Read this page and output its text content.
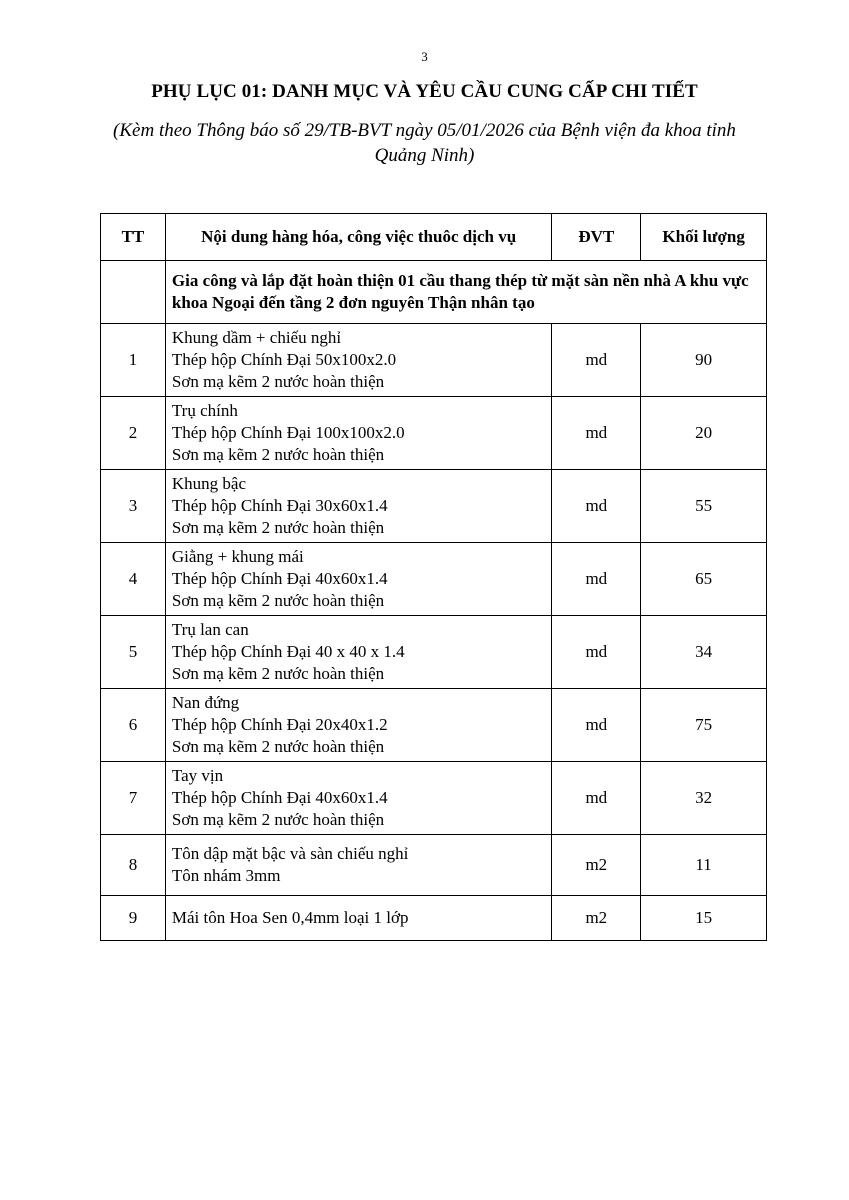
3
PHỤ LỤC 01: DANH MỤC VÀ YÊU CẦU CUNG CẤP CHI TIẾT
(Kèm theo Thông báo số 29/TB-BVT ngày 05/01/2026 của Bệnh viện đa khoa tỉnh Quảng Ninh)
TT	Nội dung hàng hóa, công việc thuôc dịch vụ	ĐVT	Khối lượng
	Gia công và lắp đặt hoàn thiện 01 cầu thang thép từ mặt sàn nền nhà A khu vực khoa Ngoại đến tầng 2 đơn nguyên Thận nhân tạo		
1	Khung dầm + chiếu nghỉ
Thép hộp Chính Đại 50x100x2.0
Sơn mạ kẽm 2 nước hoàn thiện	md	90
2	Trụ chính
Thép hộp Chính Đại 100x100x2.0
Sơn mạ kẽm 2 nước hoàn thiện	md	20
3	Khung bậc
Thép hộp Chính Đại 30x60x1.4
Sơn mạ kẽm 2 nước hoàn thiện	md	55
4	Giằng + khung mái
Thép hộp Chính Đại 40x60x1.4
Sơn mạ kẽm 2 nước hoàn thiện	md	65
5	Trụ lan can
Thép hộp Chính Đại 40 x 40 x 1.4
Sơn mạ kẽm 2 nước hoàn thiện	md	34
6	Nan đứng
Thép hộp Chính Đại 20x40x1.2
Sơn mạ kẽm 2 nước hoàn thiện	md	75
7	Tay vịn
Thép hộp Chính Đại 40x60x1.4
Sơn mạ kẽm 2 nước hoàn thiện	md	32
8	Tôn dập mặt bậc và sàn chiếu nghỉ
Tôn nhám 3mm	m2	11
9	Mái tôn Hoa Sen 0,4mm loại 1 lớp	m2	15
